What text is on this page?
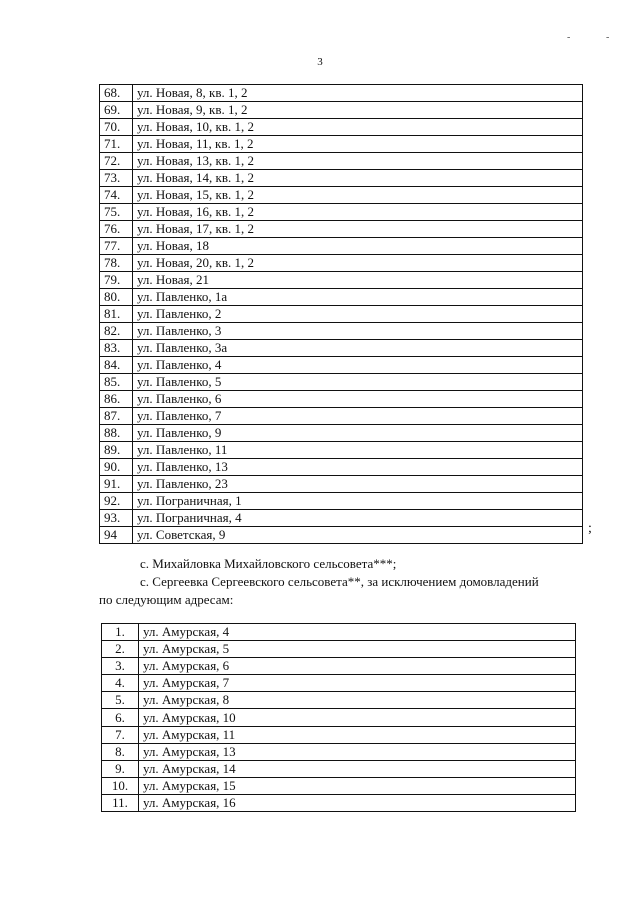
-	-
3
68.	ул. Новая, 8, кв. 1, 2
69.	ул. Новая, 9, кв. 1, 2
70.	ул. Новая, 10, кв. 1, 2
71.	ул. Новая, 11, кв. 1, 2
72.	ул. Новая, 13, кв. 1, 2
73.	ул. Новая, 14, кв. 1, 2
74.	ул. Новая, 15, кв. 1, 2
75.	ул. Новая, 16, кв. 1, 2
76.	ул. Новая, 17, кв. 1, 2
77.	ул. Новая, 18
78.	ул. Новая, 20, кв. 1, 2
79.	ул. Новая, 21
80.	ул. Павленко, 1а
81.	ул. Павленко, 2
82.	ул. Павленко, 3
83.	ул. Павленко, 3а
84.	ул. Павленко, 4
85.	ул. Павленко, 5
86.	ул. Павленко, 6
87.	ул. Павленко, 7
88.	ул. Павленко, 9
89.	ул. Павленко, 11
90.	ул. Павленко, 13
91.	ул. Павленко, 23
92.	ул. Пограничная, 1
93.	ул. Пограничная, 4
94	ул. Советская, 9	;
с. Михайловка Михайловского сельсовета***;
с. Сергеевка Сергеевского сельсовета**, за исключением домовладений
по следующим адресам:
1.	ул. Амурская, 4
2.	ул. Амурская, 5
3.	ул. Амурская, 6
4.	ул. Амурская, 7
5.	ул. Амурская, 8
6.	ул. Амурская, 10
7.	ул. Амурская, 11
8.	ул. Амурская, 13
9.	ул. Амурская, 14
10.	ул. Амурская, 15
11.	ул. Амурская, 16
